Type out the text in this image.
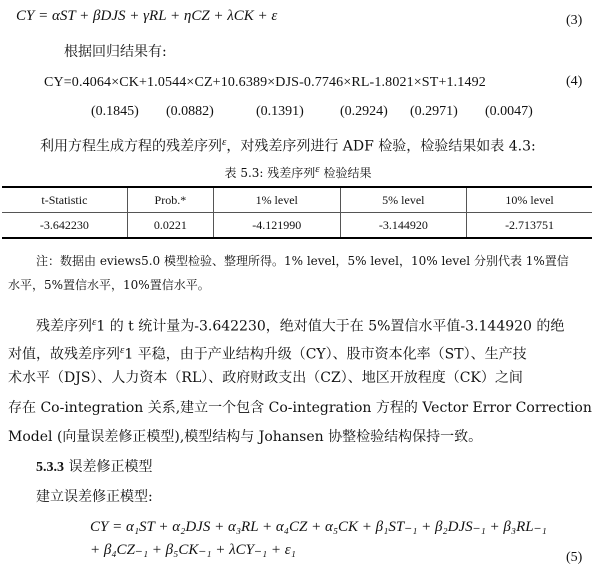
CY = αST + βDJS + γRL + ηCZ + λCK + ε	(3)
根据回归结果有:
CY=0.4064×CK+1.0544×CZ+10.6389×DJS-0.7746×RL-1.8021×ST+1.1492	(4)
(0.1845) (0.0882)	(0.1391)	(0.2924) (0.2971) (0.0047)
利用方程生成方程的残差序列$^\varepsilon$，对残差序列进行 ADF 检验，检验结果如表 4.3:
表 5.3: 残差序列$^\varepsilon$ 检验结果
t-Statistic	Prob.*	1% level	5% level	10% level
-3.642230	0.0221	-4.121990	-3.144920	-2.713751
注：数据由 eviews5.0 模型检验、整理所得。1% level，5% level，10% level 分别代表 1%置信
水平，5%置信水平，10%置信水平。
残差序列$^\varepsilon$1 的 t 统计量为-3.642230，绝对值大于在 5%置信水平值-3.144920 的绝
对值，故残差序列$^\varepsilon$1 平稳，由于产业结构升级（CY）、股市资本化率（ST）、生产技
术水平（DJS）、人力资本（RL）、政府财政支出（CZ）、地区开放程度（CK）之间
存在 Co-integration 关系,建立一个包含 Co-integration 方程的 Vector Error Correction
Model (向量误差修正模型),模型结构与 Johansen 协整检验结构保持一致。
5.3.3 误差修正模型
建立误差修正模型:
CY = α₁ST + α₂DJS + α₃RL + α₄CZ + α₅CK + β₁ST₋₁ + β₂DJS₋₁ + β₃RL₋₁
+ β₄CZ₋₁ + β₅CK₋₁ + λCY₋₁ + ε₁	(5)
